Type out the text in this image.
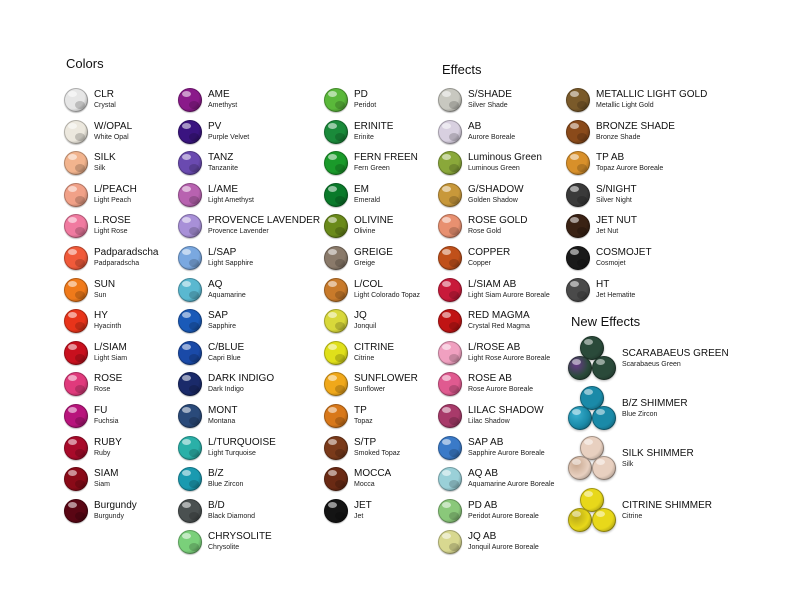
Colors	Effects
New Effects
CLR
Crystal
W/OPAL
White Opal
SILK
Silk
L/PEACH
Light Peach
L.ROSE
Light Rose
Padparadscha
Padparadscha
SUN
Sun
HY
Hyacinth
L/SIAM
Light Siam
ROSE
Rose
FU
Fuchsia
RUBY
Ruby
SIAM
Siam
Burgundy
Burgundy
AME
Amethyst
PV
Purple Velvet
TANZ
Tanzanite
L/AME
Light Amethyst
PROVENCE LAVENDER
Provence Lavender
L/SAP
Light Sapphire
AQ
Aquamarine
SAP
Sapphire
C/BLUE
Capri Blue
DARK INDIGO
Dark Indigo
MONT
Montana
L/TURQUOISE
Light Turquoise
B/Z
Blue Zircon
B/D
Black Diamond
CHRYSOLITE
Chrysolite
PD
Peridot
ERINITE
Erinite
FERN FREEN
Fern Green
EM
Emerald
OLIVINE
Olivine
GREIGE
Greige
L/COL
Light Colorado Topaz
JQ
Jonquil
CITRINE
Citrine
SUNFLOWER
Sunflower
TP
Topaz
S/TP
Smoked Topaz
MOCCA
Mocca
JET
Jet
S/SHADE
Silver Shade
AB
Aurore Boreale
Luminous Green
Luminous Green
G/SHADOW
Golden Shadow
ROSE GOLD
Rose Gold
COPPER
Copper
L/SIAM AB
Light Siam Aurore Boreale
RED MAGMA
Crystal Red Magma
L/ROSE AB
Light Rose Aurore Boreale
ROSE AB
Rose Aurore Boreale
LILAC SHADOW
Lilac Shadow
SAP AB
Sapphire Aurore Boreale
AQ AB
Aquamarine Aurore Boreale
PD AB
Peridot Aurore Boreale
JQ AB
Jonquil Aurore Boreale
METALLIC LIGHT GOLD
Metallic Light Gold
BRONZE SHADE
Bronze Shade
TP AB
Topaz Aurore Boreale
S/NIGHT
Silver Night
JET NUT
Jet Nut
COSMOJET
Cosmojet
HT
Jet Hematite
SCARABAEUS GREEN
Scarabaeus Green
B/Z SHIMMER
Blue Zircon
SILK SHIMMER
Silk
CITRINE SHIMMER
Citrine
